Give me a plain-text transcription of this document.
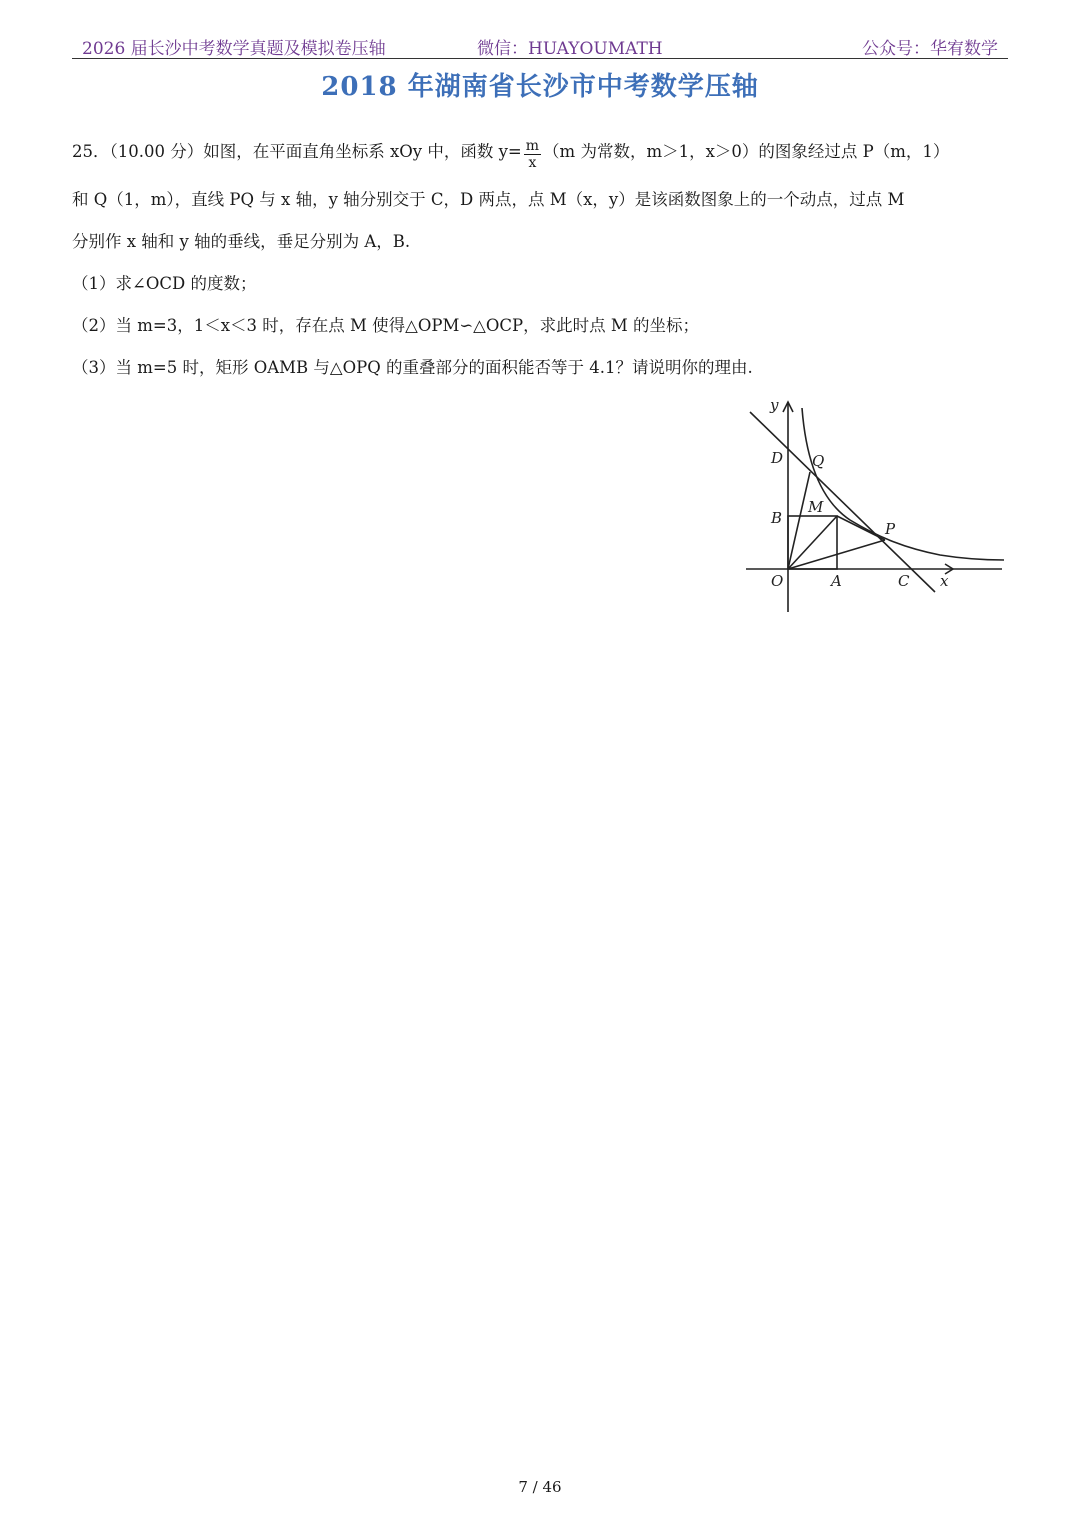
2026 届长沙中考数学真题及模拟卷压轴	微信：HUAYOUMATH	公众号：华宥数学
2018 年湖南省长沙市中考数学压轴
25．（10.00 分）如图，在平面直角坐标系 xOy 中，函数 $y= \frac{m}{x} (m$ 为常数，m＞1，x＞0）的图象经过点 P（m，1）
和 Q（1，m），直线 PQ 与 x 轴，y 轴分别交于 C，D 两点，点 M（x，y）是该函数图象上的一个动点，过点 M
分别作 x 轴和 y 轴的垂线，垂足分别为 A，B.
（1）求∠OCD 的度数；
（2）当 m=3，1＜x＜3 时，存在点 M 使得△OPM∽△OCP，求此时点 M 的坐标；
（3）当 m=5 时，矩形 OAMB 与△OPQ 的重叠部分的面积能否等于 4.1？请说明你的理由.
y
x
O	A
B
C
D
M
P
Q
7 / 46
